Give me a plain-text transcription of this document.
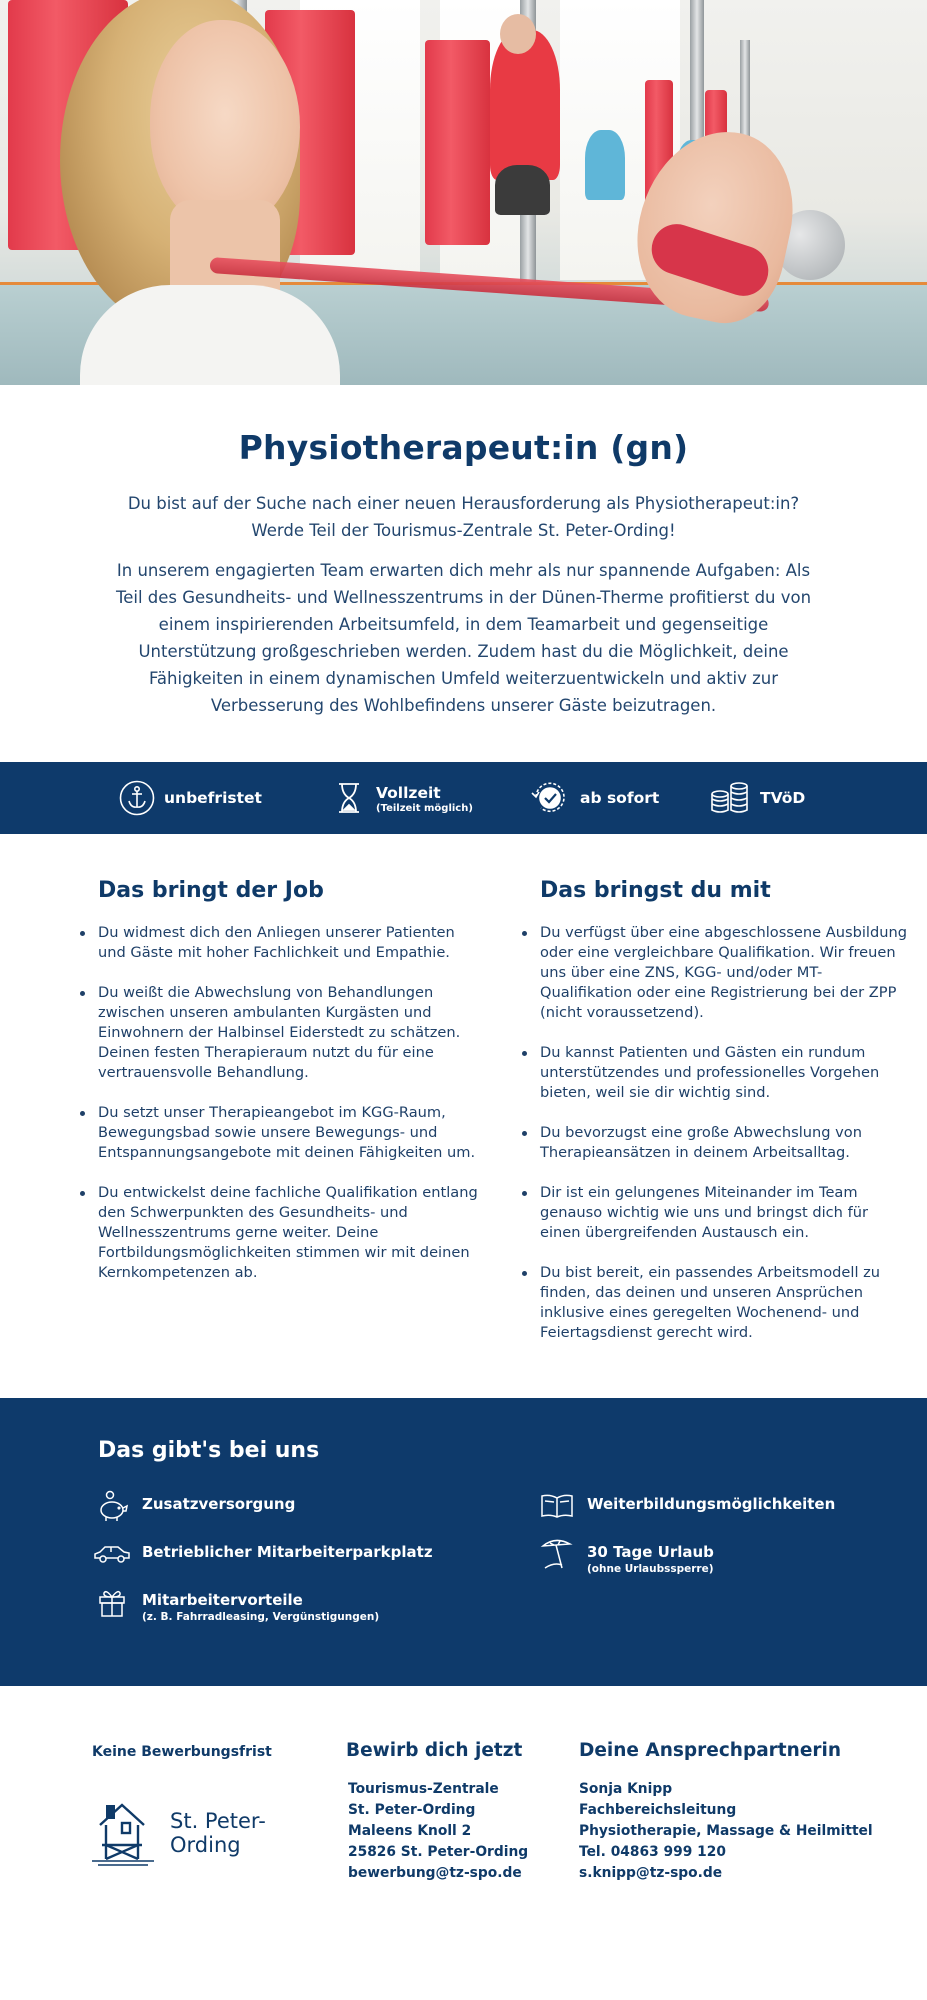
Physiotherapeut:in (gn)

Du bist auf der Suche nach einer neuen Herausforderung als Physiotherapeut:in? Werde Teil der Tourismus-Zentrale St. Peter-Ording!

In unserem engagierten Team erwarten dich mehr als nur spannende Aufgaben: Als Teil des Gesundheits- und Wellnesszentrums in der Dünen-Therme profitierst du von einem inspirierenden Arbeitsumfeld, in dem Teamarbeit und gegenseitige Unterstützung großgeschrieben werden. Zudem hast du die Möglichkeit, deine Fähigkeiten in einem dynamischen Umfeld weiterzuentwickeln und aktiv zur Verbesserung des Wohlbefindens unserer Gäste beizutragen.

unbefristet	Vollzeit
(Teilzeit möglich)
ab sofort	TVöD
Das bringt der Job
Du widmest dich den Anliegen unserer Patienten und Gäste mit hoher Fachlichkeit und Empathie.
Du weißt die Abwechslung von Behandlungen zwischen unseren ambulanten Kurgästen und Einwohnern der Halbinsel Eiderstedt zu schätzen. Deinen festen Therapieraum nutzt du für eine vertrauensvolle Behandlung.
Du setzt unser Therapieangebot im KGG-Raum, Bewegungsbad sowie unsere Bewegungs- und Entspannungsangebote mit deinen Fähigkeiten um.
Du entwickelst deine fachliche Qualifikation entlang den Schwerpunkten des Gesundheits- und Wellnesszentrums gerne weiter. Deine Fortbildungsmöglichkeiten stimmen wir mit deinen Kernkompetenzen ab.
Das bringst du mit
Du verfügst über eine abgeschlossene Ausbildung oder eine vergleichbare Qualifikation. Wir freuen uns über eine ZNS, KGG- und/oder MT-Qualifikation oder eine Registrierung bei der ZPP (nicht voraussetzend).
Du kannst Patienten und Gästen ein rundum unterstützendes und professionelles Vorgehen bieten, weil sie dir wichtig sind.
Du bevorzugst eine große Abwechslung von Therapieansätzen in deinem Arbeitsalltag.
Dir ist ein gelungenes Miteinander im Team genauso wichtig wie uns und bringst dich für einen übergreifenden Austausch ein.
Du bist bereit, ein passendes Arbeitsmodell zu finden, das deinen und unseren Ansprüchen inklusive eines geregelten Wochenend- und Feiertagsdienst gerecht wird.
Das gibt's bei uns
Zusatzversorgung	Weiterbildungsmöglichkeiten
Betrieblicher Mitarbeiterparkplatz	30 Tage Urlaub
(ohne Urlaubssperre)
Mitarbeitervorteile
(z. B. Fahrradleasing, Vergünstigungen)
Keine Bewerbungsfrist
St. Peter-
Ording
Bewirb dich jetzt
Tourismus-Zentrale
St. Peter-Ording
Maleens Knoll 2
25826 St. Peter-Ording
bewerbung@tz-spo.de
Deine Ansprechpartnerin
Sonja Knipp
Fachbereichsleitung
Physiotherapie, Massage & Heilmittel
Tel. 04863 999 120
s.knipp@tz-spo.de
